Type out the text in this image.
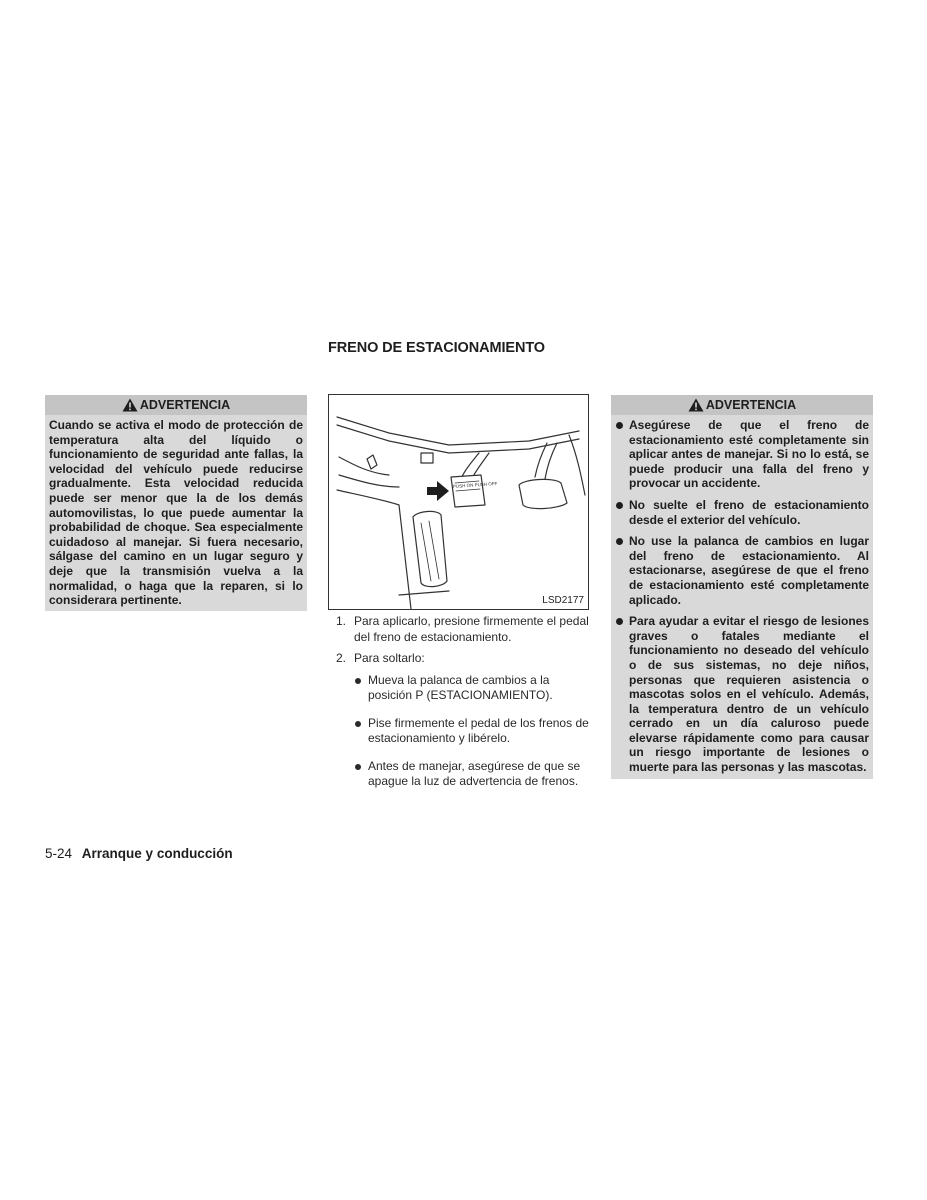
FRENO DE ESTACIONAMIENTO
ADVERTENCIA

Cuando se activa el modo de protección de temperatura alta del líquido o funcionamiento de seguridad ante fallas, la velocidad del vehículo puede reducirse gradualmente. Esta velocidad reducida puede ser menor que la de los demás automovilistas, lo que puede aumentar la probabilidad de choque. Sea especialmente cuidadoso al manejar. Si fuera necesario, sálgase del camino en un lugar seguro y deje que la transmisión vuelva a la normalidad, o haga que la reparen, si lo considerara pertinente.

PUSH ON PUSH OFF
LSD2177
1. Para aplicarlo, presione firmemente el pedal del freno de estacionamiento.
2. Para soltarlo:
Mueva la palanca de cambios a la posición P (ESTACIONAMIENTO).
Pise firmemente el pedal de los frenos de estacionamiento y libérelo.
Antes de manejar, asegúrese de que se apague la luz de advertencia de frenos.
ADVERTENCIA
Asegúrese de que el freno de estacionamiento esté completamente sin aplicar antes de manejar. Si no lo está, se puede producir una falla del freno y provocar un accidente.
No suelte el freno de estacionamiento desde el exterior del vehículo.
No use la palanca de cambios en lugar del freno de estacionamiento. Al estacionarse, asegúrese de que el freno de estacionamiento esté completamente aplicado.
Para ayudar a evitar el riesgo de lesiones graves o fatales mediante el funcionamiento no deseado del vehículo o de sus sistemas, no deje niños, personas que requieren asistencia o mascotas solos en el vehículo. Además, la temperatura dentro de un vehículo cerrado en un día caluroso puede elevarse rápidamente como para causar un riesgo importante de lesiones o muerte para las personas y las mascotas.
5-24 Arranque y conducción
